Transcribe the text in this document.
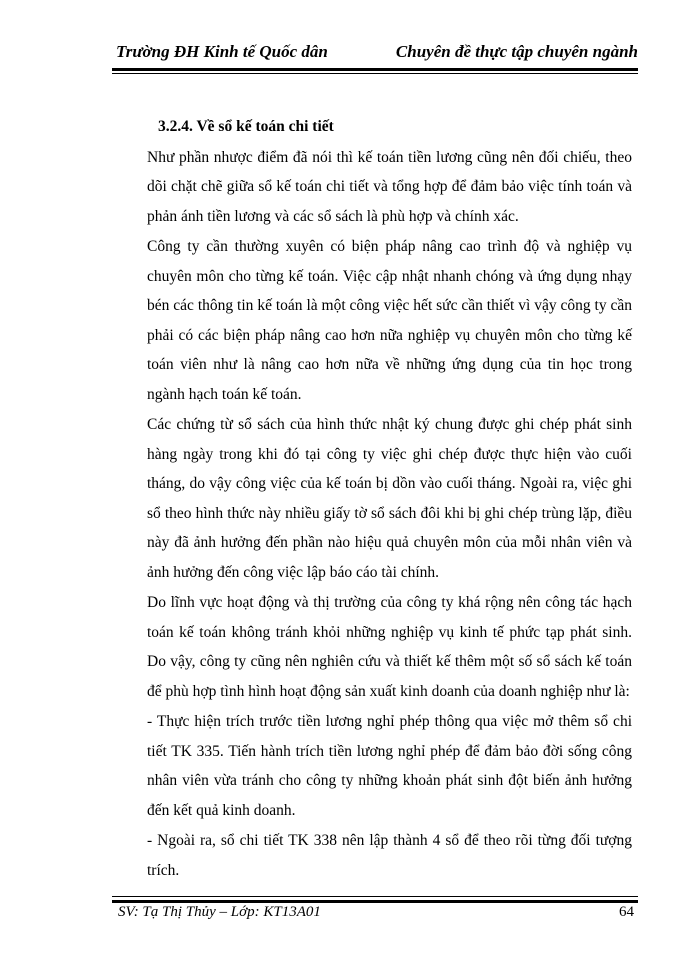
Trường ĐH Kinh tế Quốc dân	Chuyên đề thực tập chuyên ngành
3.2.4. Về sổ kế toán chi tiết

Như phần nhược điểm đã nói thì kế toán tiền lương cũng nên đối chiếu, theo dõi chặt chẽ giữa sổ kế toán chi tiết và tổng hợp để đảm bảo việc tính toán và phản ánh tiền lương và các sổ sách là phù hợp và chính xác.

Công ty cần thường xuyên có biện pháp nâng cao trình độ và nghiệp vụ chuyên môn cho từng kế toán. Việc cập nhật nhanh chóng và ứng dụng nhạy bén các thông tin kế toán là một công việc hết sức cần thiết vì vậy công ty cần phải có các biện pháp nâng cao hơn nữa nghiệp vụ chuyên môn cho từng kế toán viên như là nâng cao hơn nữa về những ứng dụng của tin học trong ngành hạch toán kế toán.

Các chứng từ sổ sách của hình thức nhật ký chung được ghi chép phát sinh hàng ngày trong khi đó tại công ty việc ghi chép được thực hiện vào cuối tháng, do vậy công việc của kế toán bị dồn vào cuối tháng. Ngoài ra, việc ghi sổ theo hình thức này nhiều giấy tờ sổ sách đôi khi bị ghi chép trùng lặp, điều này đã ảnh hưởng đến phần nào hiệu quả chuyên môn của mỗi nhân viên và ảnh hưởng đến công việc lập báo cáo tài chính.

Do lĩnh vực hoạt động và thị trường của công ty khá rộng nên công tác hạch toán kế toán không tránh khỏi những nghiệp vụ kinh tế phức tạp phát sinh. Do vậy, công ty cũng nên nghiên cứu và thiết kế thêm một số sổ sách kế toán để phù hợp tình hình hoạt động sản xuất kinh doanh của doanh nghiệp như là:

- Thực hiện trích trước tiền lương nghỉ phép thông qua việc mở thêm sổ chi tiết TK 335. Tiến hành trích tiền lương nghỉ phép để đảm bảo đời sống công nhân viên vừa tránh cho công ty những khoản phát sinh đột biến ảnh hưởng đến kết quả kinh doanh.

- Ngoài ra, sổ chi tiết TK 338 nên lập thành 4 sổ để theo rõi từng đối tượng trích.

SV: Tạ Thị Thủy – Lớp: KT13A01	64
